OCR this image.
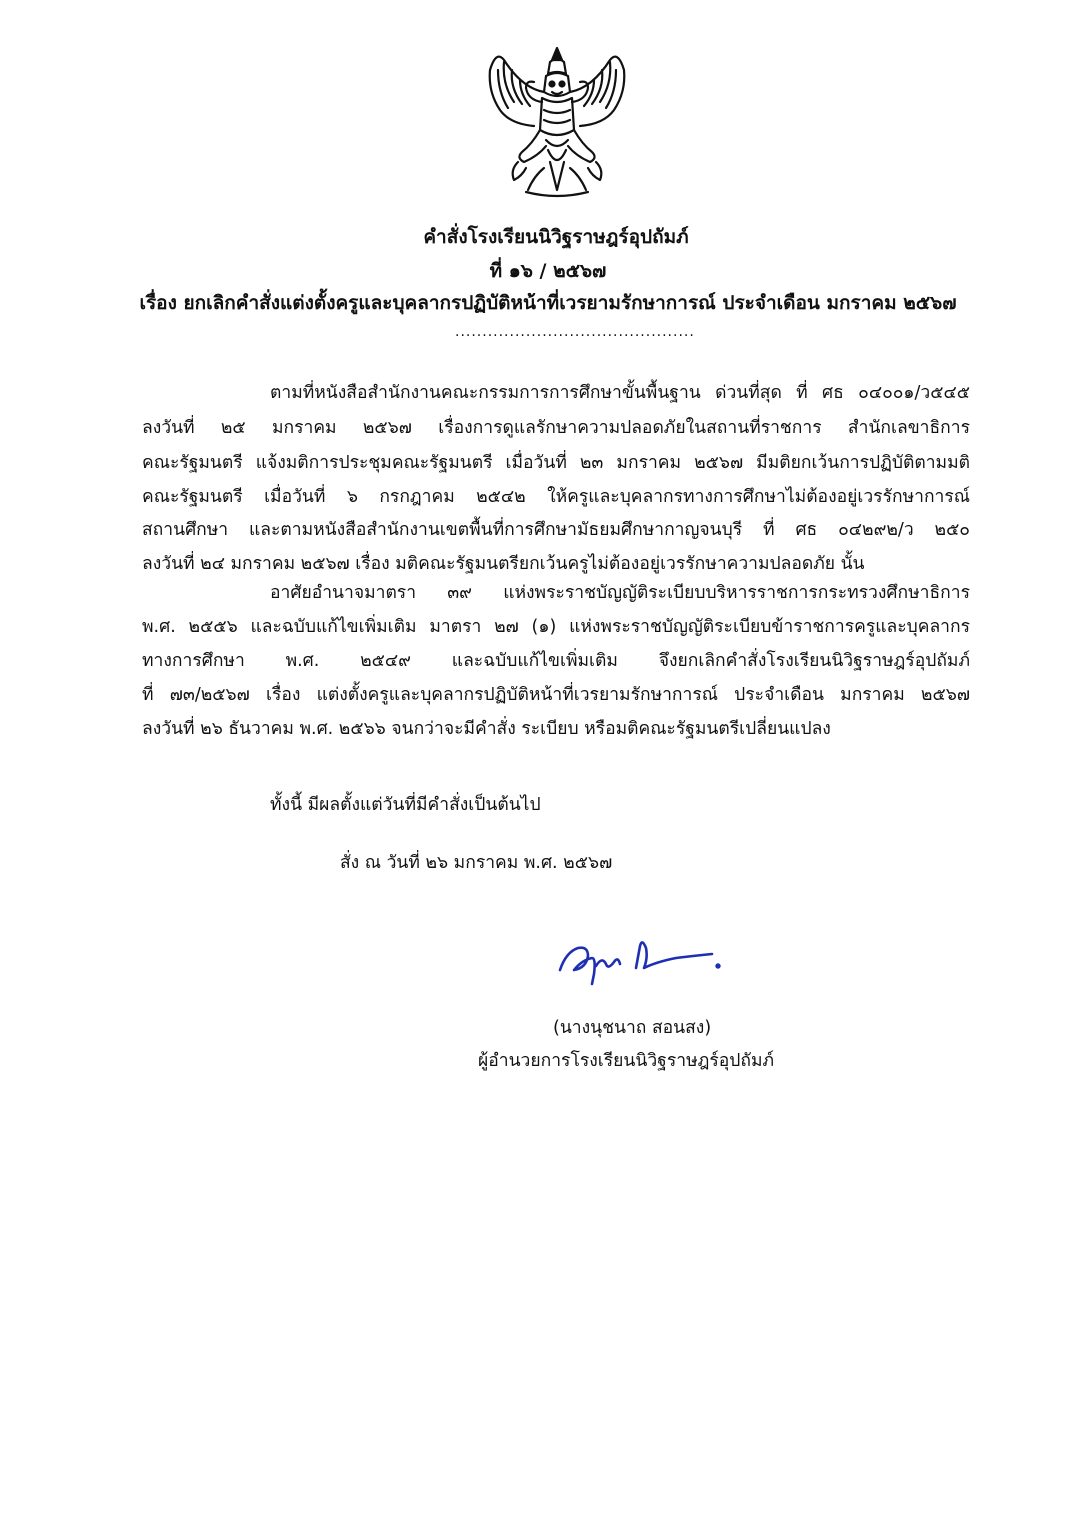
คำสั่งโรงเรียนนิวิฐราษฎร์อุปถัมภ์
ที่ ๑๖ / ๒๕๖๗
เรื่อง ยกเลิกคำสั่งแต่งตั้งครูและบุคลากรปฏิบัติหน้าที่เวรยามรักษาการณ์ ประจำเดือน มกราคม ๒๕๖๗
............................................
ตามที่หนังสือสำนักงานคณะกรรมการการศึกษาขั้นพื้นฐาน ด่วนที่สุด ที่ ศธ ๐๔๐๐๑/ว๕๔๕
ลงวันที่ ๒๕ มกราคม ๒๕๖๗ เรื่องการดูแลรักษาความปลอดภัยในสถานที่ราชการ สำนักเลขาธิการ
คณะรัฐมนตรี แจ้งมติการประชุมคณะรัฐมนตรี เมื่อวันที่ ๒๓ มกราคม ๒๕๖๗ มีมติยกเว้นการปฏิบัติตามมติ
คณะรัฐมนตรี เมื่อวันที่ ๖ กรกฎาคม ๒๕๔๒ ให้ครูและบุคลากรทางการศึกษาไม่ต้องอยู่เวรรักษาการณ์
สถานศึกษา และตามหนังสือสำนักงานเขตพื้นที่การศึกษามัธยมศึกษากาญจนบุรี ที่ ศธ ๐๔๒๙๒/ว ๒๕๐
ลงวันที่ ๒๔ มกราคม ๒๕๖๗ เรื่อง มติคณะรัฐมนตรียกเว้นครูไม่ต้องอยู่เวรรักษาความปลอดภัย นั้น
อาศัยอำนาจมาตรา ๓๙ แห่งพระราชบัญญัติระเบียบบริหารราชการกระทรวงศึกษาธิการ
พ.ศ. ๒๕๕๖ และฉบับแก้ไขเพิ่มเติม มาตรา ๒๗ (๑) แห่งพระราชบัญญัติระเบียบข้าราชการครูและบุคลากร
ทางการศึกษา พ.ศ. ๒๕๔๙ และฉบับแก้ไขเพิ่มเติม จึงยกเลิกคำสั่งโรงเรียนนิวิฐราษฎร์อุปถัมภ์
ที่ ๗๓/๒๕๖๗ เรื่อง แต่งตั้งครูและบุคลากรปฏิบัติหน้าที่เวรยามรักษาการณ์ ประจำเดือน มกราคม ๒๕๖๗
ลงวันที่ ๒๖ ธันวาคม พ.ศ. ๒๕๖๖ จนกว่าจะมีคำสั่ง ระเบียบ หรือมติคณะรัฐมนตรีเปลี่ยนแปลง
ทั้งนี้ มีผลตั้งแต่วันที่มีคำสั่งเป็นต้นไป
สั่ง ณ วันที่ ๒๖ มกราคม พ.ศ. ๒๕๖๗
(นางนุชนาถ สอนสง)
ผู้อำนวยการโรงเรียนนิวิฐราษฎร์อุปถัมภ์
